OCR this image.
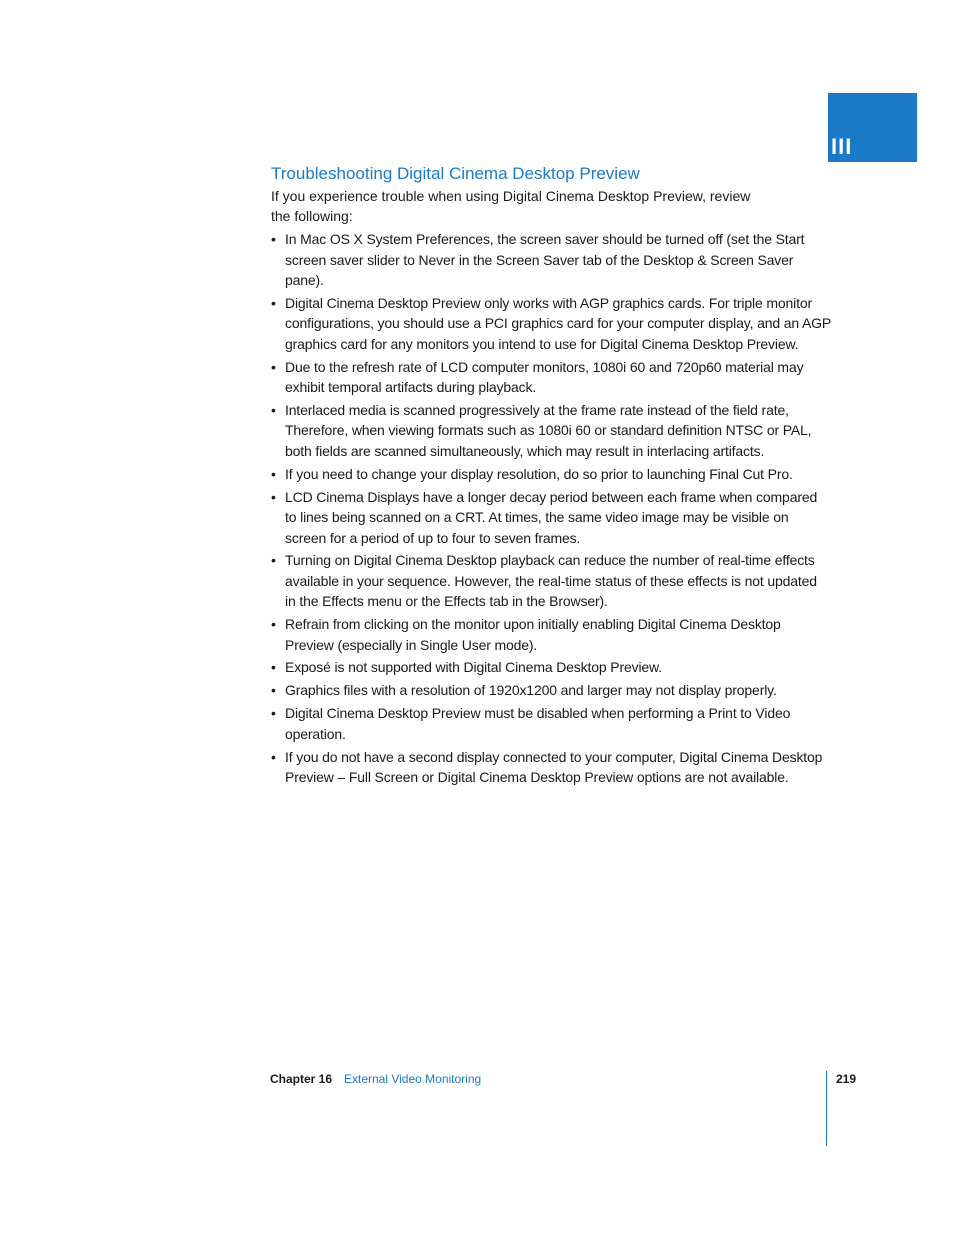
III
Troubleshooting Digital Cinema Desktop Preview

If you experience trouble when using Digital Cinema Desktop Preview, review
the following:

• In Mac OS X System Preferences, the screen saver should be turned off (set the Start screen saver slider to Never in the Screen Saver tab of the Desktop & Screen Saver pane).
• Digital Cinema Desktop Preview only works with AGP graphics cards. For triple monitor configurations, you should use a PCI graphics card for your computer display, and an AGP graphics card for any monitors you intend to use for Digital Cinema Desktop Preview.
• Due to the refresh rate of LCD computer monitors, 1080i 60 and 720p60 material may exhibit temporal artifacts during playback.
• Interlaced media is scanned progressively at the frame rate instead of the field rate, Therefore, when viewing formats such as 1080i 60 or standard definition NTSC or PAL, both fields are scanned simultaneously, which may result in interlacing artifacts.
• If you need to change your display resolution, do so prior to launching Final Cut Pro.
• LCD Cinema Displays have a longer decay period between each frame when compared to lines being scanned on a CRT. At times, the same video image may be visible on screen for a period of up to four to seven frames.
• Turning on Digital Cinema Desktop playback can reduce the number of real-time effects available in your sequence. However, the real-time status of these effects is not updated in the Effects menu or the Effects tab in the Browser).
• Refrain from clicking on the monitor upon initially enabling Digital Cinema Desktop Preview (especially in Single User mode).
• Exposé is not supported with Digital Cinema Desktop Preview.
• Graphics files with a resolution of 1920x1200 and larger may not display properly.
• Digital Cinema Desktop Preview must be disabled when performing a Print to Video operation.
• If you do not have a second display connected to your computer, Digital Cinema Desktop Preview – Full Screen or Digital Cinema Desktop Preview options are not available.
Chapter 16 External Video Monitoring	219
